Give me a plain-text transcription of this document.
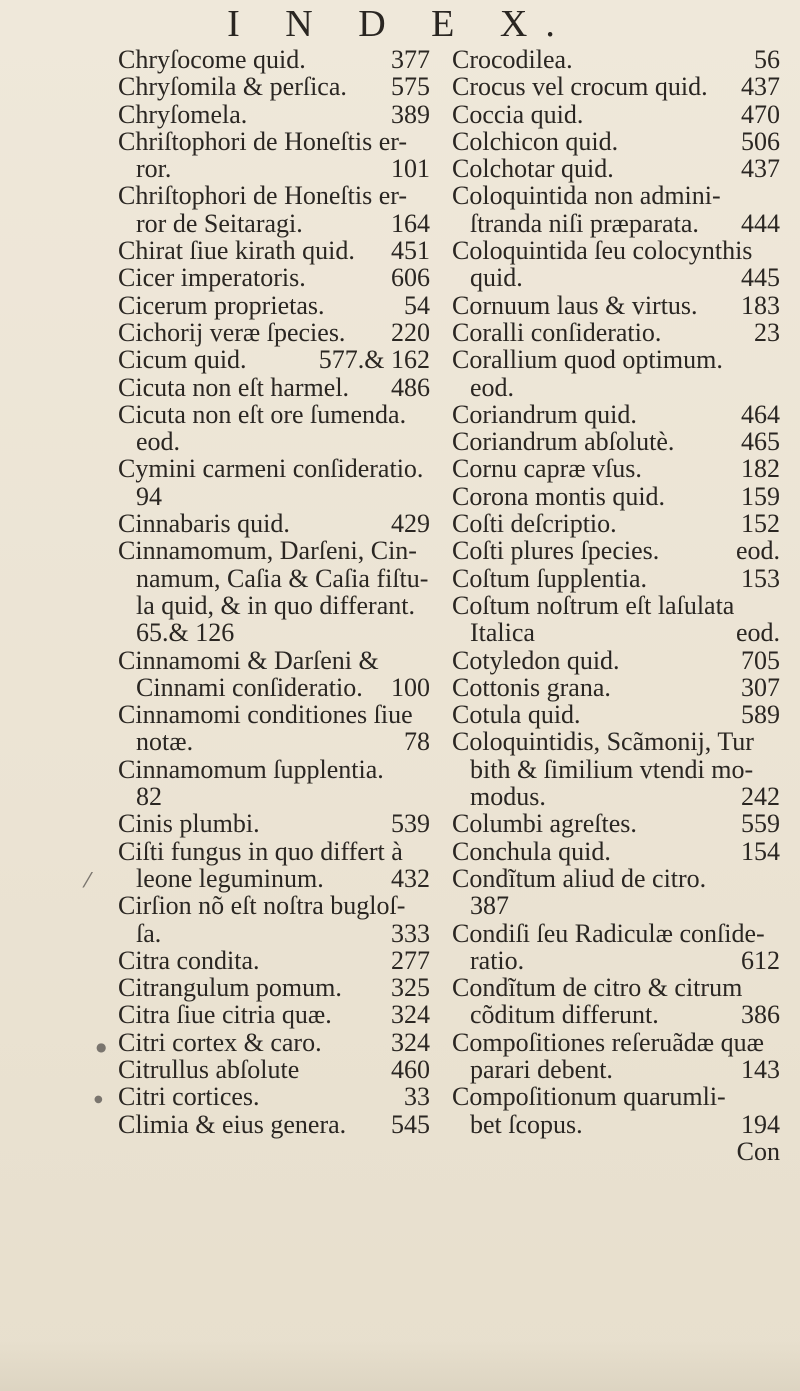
I N D E X.
Chryſocome quid.	377
Chryſomila & perſica. 575
Chryſomela.	389
Chriſtophori de Honeſtis er-
ror.	101
Chriſtophori de Honeſtis er-
ror de Seitaragi.	164
Chirat ſiue kirath quid. 451
Cicer imperatoris.	606
Cicerum proprietas.	54
Cichorij veræ ſpecies. 220
Cicum quid.	577.& 162
Cicuta non eſt harmel. 486
Cicuta non eſt ore ſumenda.
eod.
Cymini carmeni conſideratio.
94
Cinnabaris quid.	429
Cinnamomum, Darſeni, Cin-
namum, Caſia & Caſia fiſtu-
la quid, & in quo differant.
65.& 126
Cinnamomi & Darſeni &
Cinnami conſideratio. 100
Cinnamomi conditiones ſiue
notæ.	78
Cinnamomum ſupplentia.
82
Cinis plumbi.	539
Ciſti fungus in quo differt à
leone leguminum.	432
Cirſion nõ eſt noſtra bugloſ-
ſa.	333
Citra condita.	277
Citrangulum pomum. 325
Citra ſiue citria quæ. 324
Citri cortex & caro.	324
Citrullus abſolute	460
Citri cortices.	33
Climia & eius genera. 545
Crocodilea.	56
Crocus vel crocum quid. 437
Coccia quid.	470
Colchicon quid.	506
Colchotar quid.	437
Coloquintida non admini-
ſtranda niſi præparata. 444
Coloquintida ſeu colocynthis
quid.	445
Cornuum laus & virtus. 183
Coralli conſideratio.	23
Corallium quod optimum.
eod.
Coriandrum quid.	464
Coriandrum abſolutè.	465
Cornu capræ vſus.	182
Corona montis quid.	159
Coſti deſcriptio.	152
Coſti plures ſpecies.	eod.
Coſtum ſupplentia.	153
Coſtum noſtrum eſt laſulata
Italica	eod.
Cotyledon quid.	705
Cottonis grana.	307
Cotula quid.	589
Coloquintidis, Scãmonij, Tur
bith & ſimilium vtendi mo-
modus.	242
Columbi agreſtes.	559
Conchula quid.	154
Condĩtum aliud de citro.
387
Condiſi ſeu Radiculæ conſide-
ratio.	612
Condĩtum de citro & citrum
cõditum differunt.	386
Compoſitiones reſeruãdæ quæ
parari debent.	143
Compoſitionum quarumli-
bet ſcopus.	194
Con
⁄
●
●
